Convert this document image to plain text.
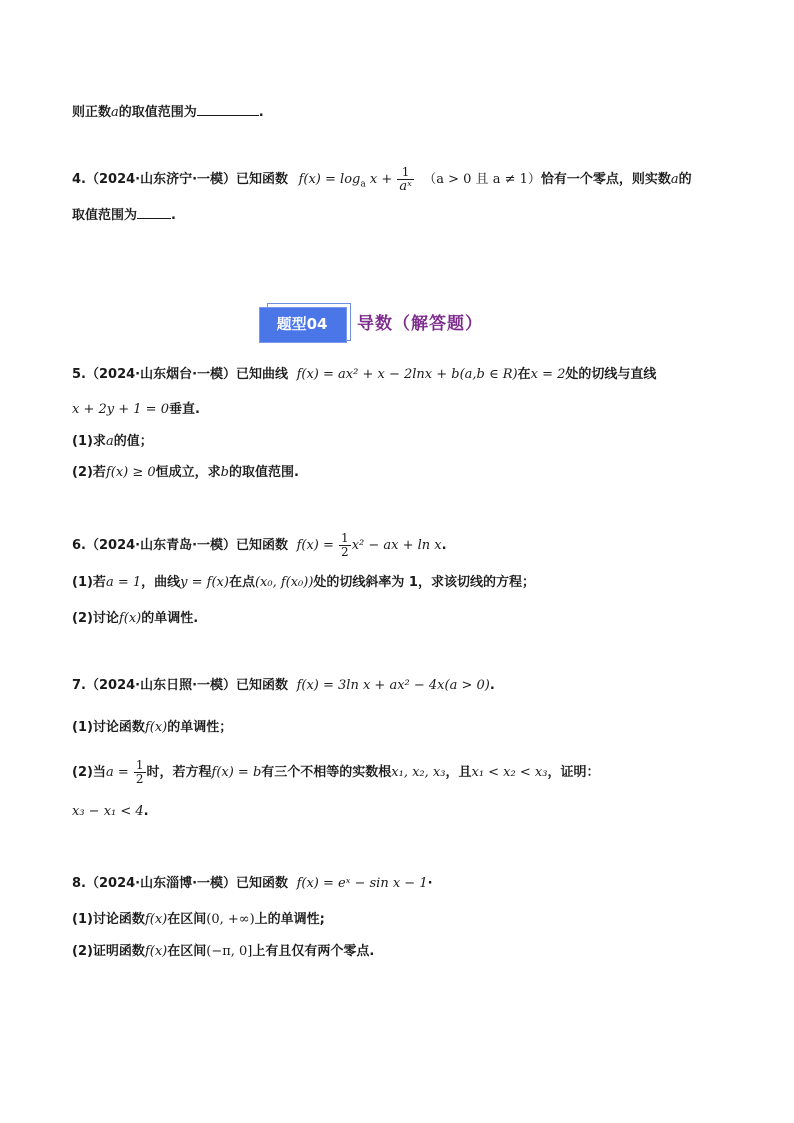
则正数a的取值范围为	.
4.（2024·山东济宁·一模）已知函数 $f(x) = \log_a x + \frac{1}{\text{aˣ}} (a > 0$ 且 a ≠ 1）恰有一个零点，则实数a的
取值范围为	.
题型04	导数（解答题）
5.（2024·山东烟台·一模）已知曲线 f(x) = ax² + x − 2lnx + b(a,b ∈ R)在x = 2处的切线与直线
x + 2y + 1 = 0垂直.
(1)求a的值；
(2)若f(x) ≥ 0恒成立，求b的取值范围.
6.（2024·山东青岛·一模）已知函数 $f(x) = \frac{1}{2} x^2$ − ax + ln x.
(1)若a = 1，曲线y = f(x)在点(x₀, f(x₀))处的切线斜率为 1，求该切线的方程；
(2)讨论f(x)的单调性.
7.（2024·山东日照·一模）已知函数 f(x) = 3ln x + ax² − 4x(a > 0).
(1)讨论函数f(x)的单调性；
(2)当$a = \frac{1}{2}$ 时，若方程f(x) = b有三个不相等的实数根x₁, x₂, x₃，且x₁ < x₂ < x₃，证明：
x₃ − x₁ < 4.
8.（2024·山东淄博·一模）已知函数 f(x) = eˣ − sin x − 1·
(1)讨论函数f(x)在区间(0, +∞)上的单调性;
(2)证明函数f(x)在区间(−π, 0]上有且仅有两个零点.
